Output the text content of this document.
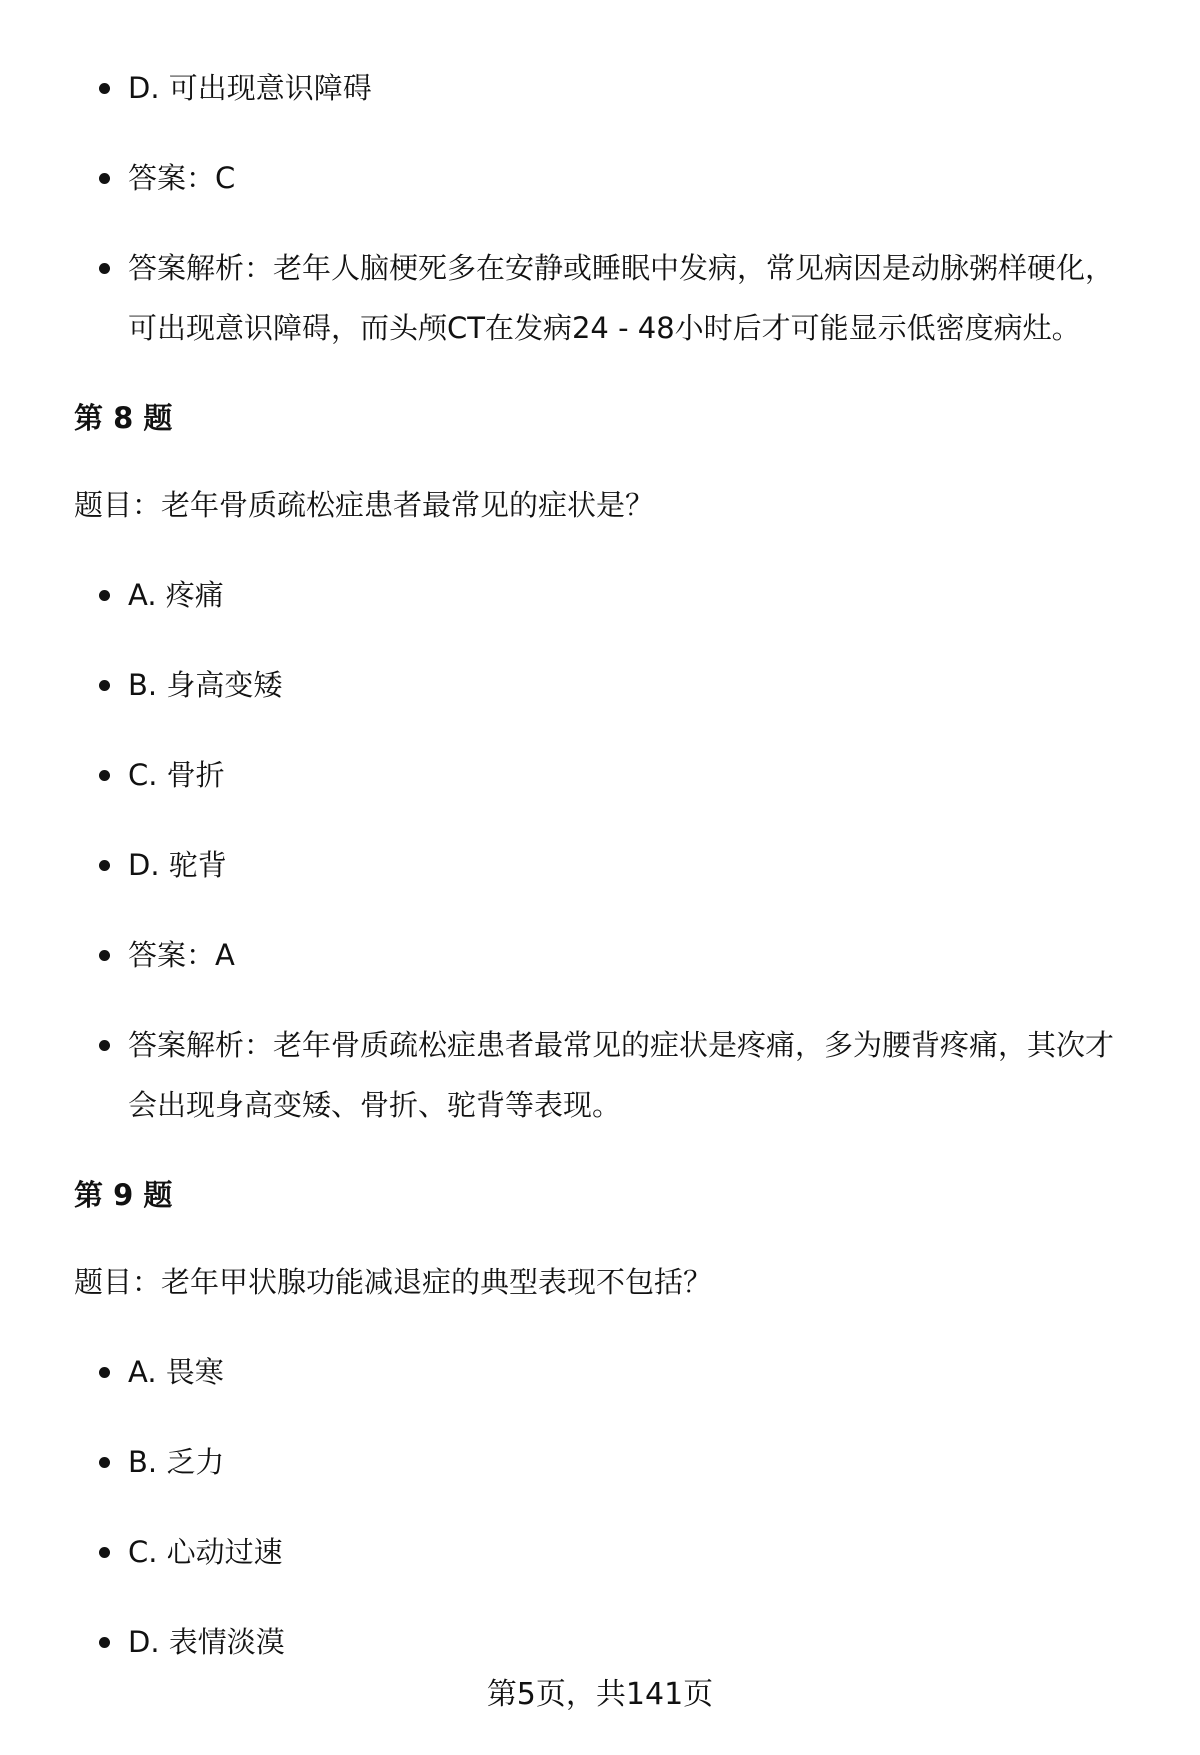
D. 可出现意识障碍
答案：C
答案解析：老年人脑梗死多在安静或睡眠中发病，常见病因是动脉粥样硬化，可出现意识障碍，而头颅CT在发病24 - 48小时后才可能显示低密度病灶。
第 8 题
题目：老年骨质疏松症患者最常见的症状是？
A. 疼痛
B. 身高变矮
C. 骨折
D. 驼背
答案：A
答案解析：老年骨质疏松症患者最常见的症状是疼痛，多为腰背疼痛，其次才会出现身高变矮、骨折、驼背等表现。
第 9 题
题目：老年甲状腺功能减退症的典型表现不包括？
A. 畏寒
B. 乏力
C. 心动过速
D. 表情淡漠
第5页，共141页
